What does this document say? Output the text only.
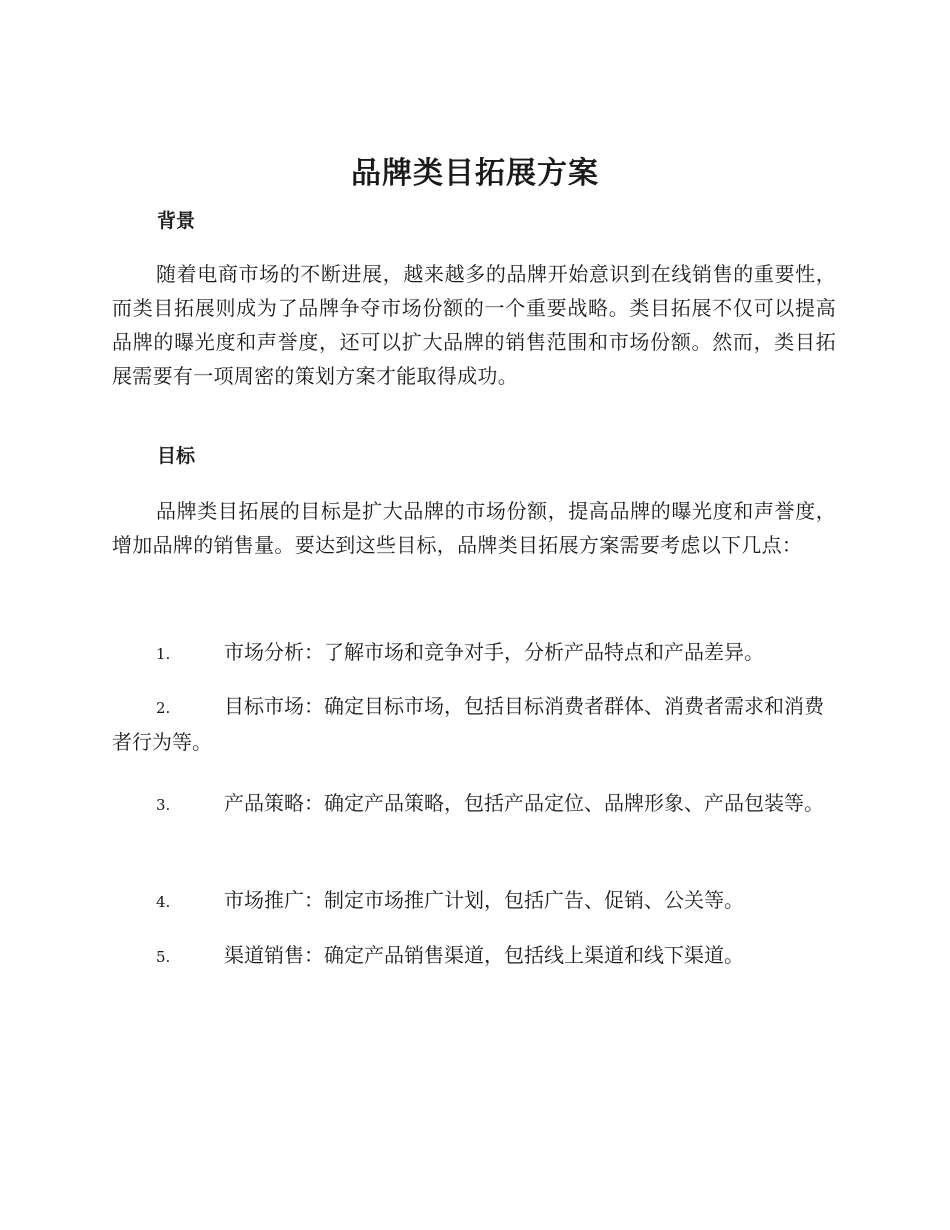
品牌类目拓展方案
背景

随着电商市场的不断进展，越来越多的品牌开始意识到在线销售的重要性，而类目拓展则成为了品牌争夺市场份额的一个重要战略。类目拓展不仅可以提高品牌的曝光度和声誉度，还可以扩大品牌的销售范围和市场份额。然而，类目拓展需要有一项周密的策划方案才能取得成功。

目标

品牌类目拓展的目标是扩大品牌的市场份额，提高品牌的曝光度和声誉度，增加品牌的销售量。要达到这些目标，品牌类目拓展方案需要考虑以下几点：

1.	市场分析：了解市场和竞争对手，分析产品特点和产品差异。

2.	目标市场：确定目标市场，包括目标消费者群体、消费者需求和消费者行为等。

3.	产品策略：确定产品策略，包括产品定位、品牌形象、产品包装等。

4.	市场推广：制定市场推广计划，包括广告、促销、公关等。

5.	渠道销售：确定产品销售渠道，包括线上渠道和线下渠道。
